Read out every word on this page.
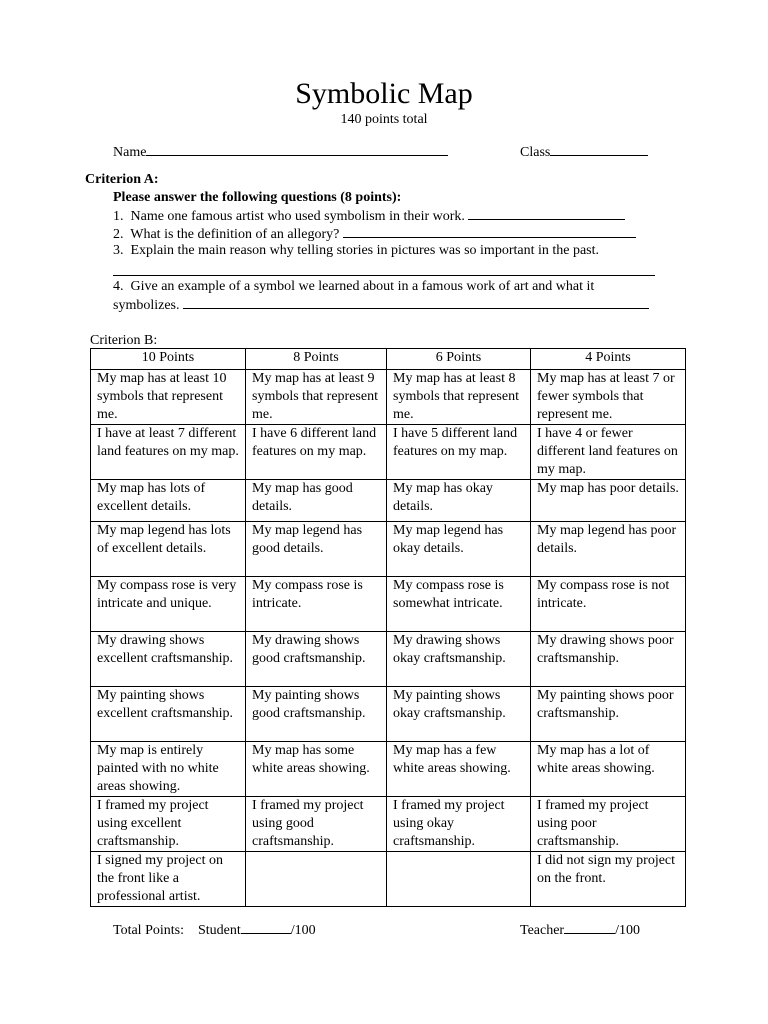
Symbolic Map
140 points total
Name	Class
Criterion A:
Please answer the following questions (8 points):
1.  Name one famous artist who used symbolism in their work.
2.  What is the definition of an allegory?
3.  Explain the main reason why telling stories in pictures was so important in the past.
4.  Give an example of a symbol we learned about in a famous work of art and what it
symbolizes.
Criterion B:
10 Points	8 Points	6 Points	4 Points
My map has at least 10 symbols that represent me.	My map has at least 9 symbols that represent me.	My map has at least 8 symbols that represent me.	My map has at least 7 or fewer symbols that represent me.
I have at least 7 different land features on my map.	I have 6 different land features on my map.	I have 5 different land features on my map.	I have 4 or fewer different land features on my map.
My map has lots of excellent details.	My map has good details.	My map has okay details.	My map has poor details.
My map legend has lots of excellent details.	My map legend has good details.	My map legend has okay details.	My map legend has poor details.
My compass rose is very intricate and unique.	My compass rose is intricate.	My compass rose is somewhat intricate.	My compass rose is not intricate.
My drawing shows excellent craftsmanship.	My drawing shows good craftsmanship.	My drawing shows okay craftsmanship.	My drawing shows poor craftsmanship.
My painting shows excellent craftsmanship.	My painting shows good craftsmanship.	My painting shows okay craftsmanship.	My painting shows poor craftsmanship.
My map is entirely painted with no white areas showing.	My map has some white areas showing.	My map has a few white areas showing.	My map has a lot of white areas showing.
I framed my project using excellent craftsmanship.	I framed my project using good craftsmanship.	I framed my project using okay craftsmanship.	I framed my project using poor craftsmanship.
I signed my project on the front like a professional artist.			I did not sign my project on the front.
Total Points: Student	/100	Teacher	/100
